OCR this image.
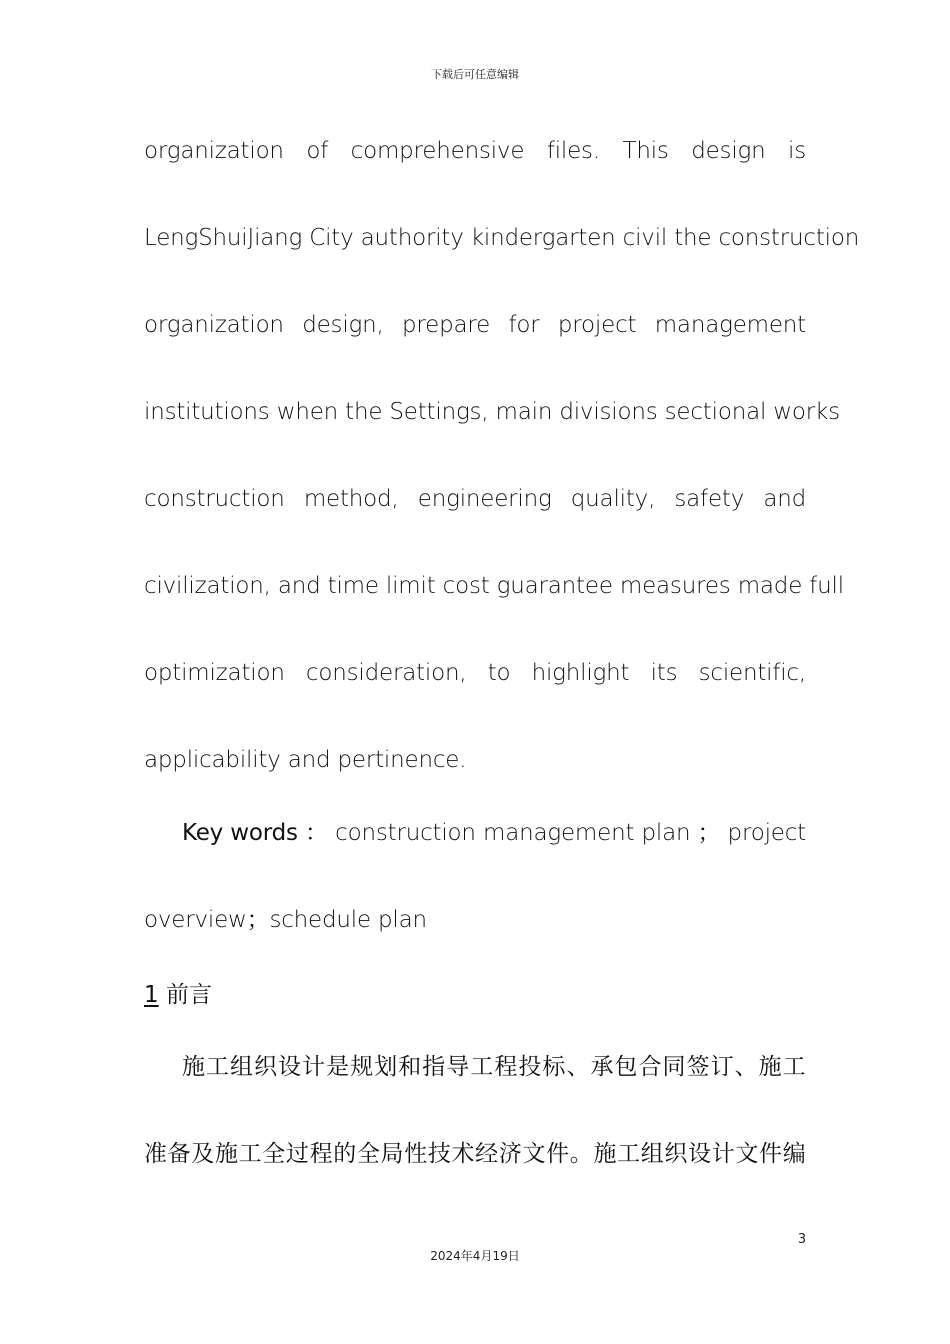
下载后可任意编辑
organization of comprehensive files. This design is
LengShuiJiang City authority kindergarten civil the construction
organization design, prepare for project management
institutions when the Settings, main divisions sectional works
construction method, engineering quality, safety and
civilization, and time limit cost guarantee measures made full
optimization consideration, to highlight its scientific,
applicability and pertinence.
Key words ： construction management plan ； project
overview；schedule plan
1 前言
施工组织设计是规划和指导工程投标、承包合同签订、施工
准备及施工全过程的全局性技术经济文件。施工组织设计文件编
3
2024年4月19日
